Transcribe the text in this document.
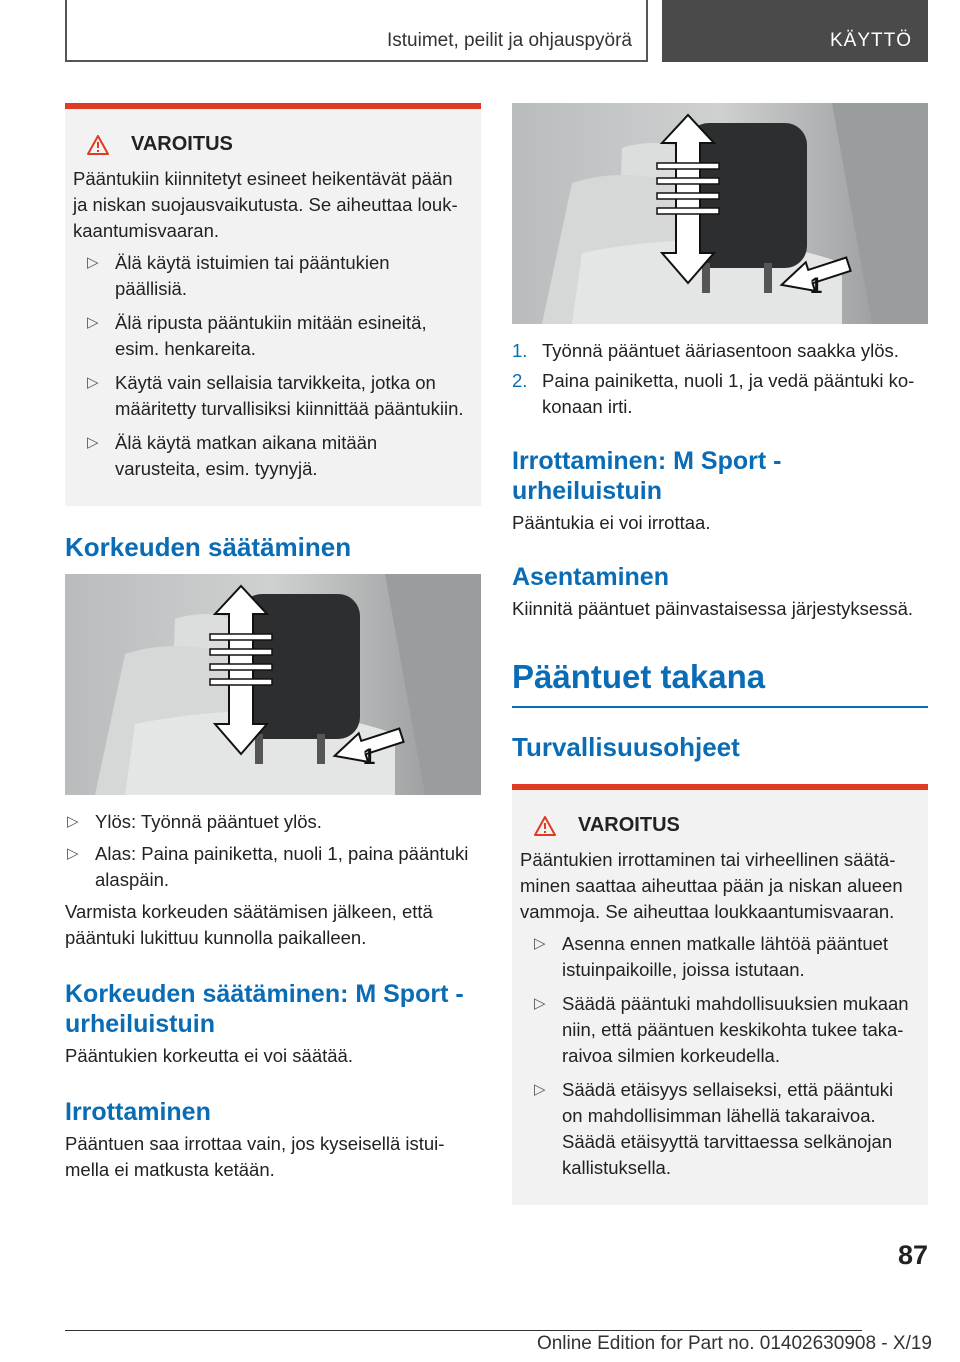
Istuimet, peilit ja ohjauspyörä	KÄYTTÖ
VAROITUS

Pääntukiin kiinnitetyt esineet heikentävät pään ja niskan suojausvaikutusta. Se aiheuttaa loukkaantumisvaaran.

▷ Älä käytä istuimien tai pääntukien päällisiä.
▷ Älä ripusta pääntukiin mitään esineitä, esim. henkareita.
▷ Käytä vain sellaisia tarvikkeita, jotka on määritetty turvallisiksi kiinnittää pääntukiin.
▷ Älä käytä matkan aikana mitään varusteita, esim. tyynyjä.
Korkeuden säätäminen
1
▷ Ylös: Työnnä pääntuet ylös.
▷ Alas: Paina painiketta, nuoli 1, paina pääntuki alaspäin.

Varmista korkeuden säätämisen jälkeen, että pääntuki lukittuu kunnolla paikalleen.

Korkeuden säätäminen: M Sport -urheiluistuin

Pääntukien korkeutta ei voi säätää.

Irrottaminen

Pääntuen saa irrottaa vain, jos kyseisellä istuimella ei matkusta ketään.

1
1. Työnnä pääntuet ääriasentoon saakka ylös.
2. Paina painiketta, nuoli 1, ja vedä pääntuki kokonaan irti.
Irrottaminen: M Sport -urheiluistuin

Pääntukia ei voi irrottaa.

Asentaminen

Kiinnitä pääntuet päinvastaisessa järjestyksessä.

Pääntuet takana
Turvallisuusohjeet
VAROITUS

Pääntukien irrottaminen tai virheellinen säätäminen saattaa aiheuttaa pään ja niskan alueen vammoja. Se aiheuttaa loukkaantumisvaaran.

▷ Asenna ennen matkalle lähtöä pääntuet istuinpaikoille, joissa istutaan.
▷ Säädä pääntuki mahdollisuuksien mukaan niin, että pääntuen keskikohta tukee takaraivoa silmien korkeudella.
▷ Säädä etäisyys sellaiseksi, että pääntuki on mahdollisimman lähellä takaraivoa. Säädä etäisyyttä tarvittaessa selkänojan kallistuksella.
87
Online Edition for Part no. 01402630908 - X/19
